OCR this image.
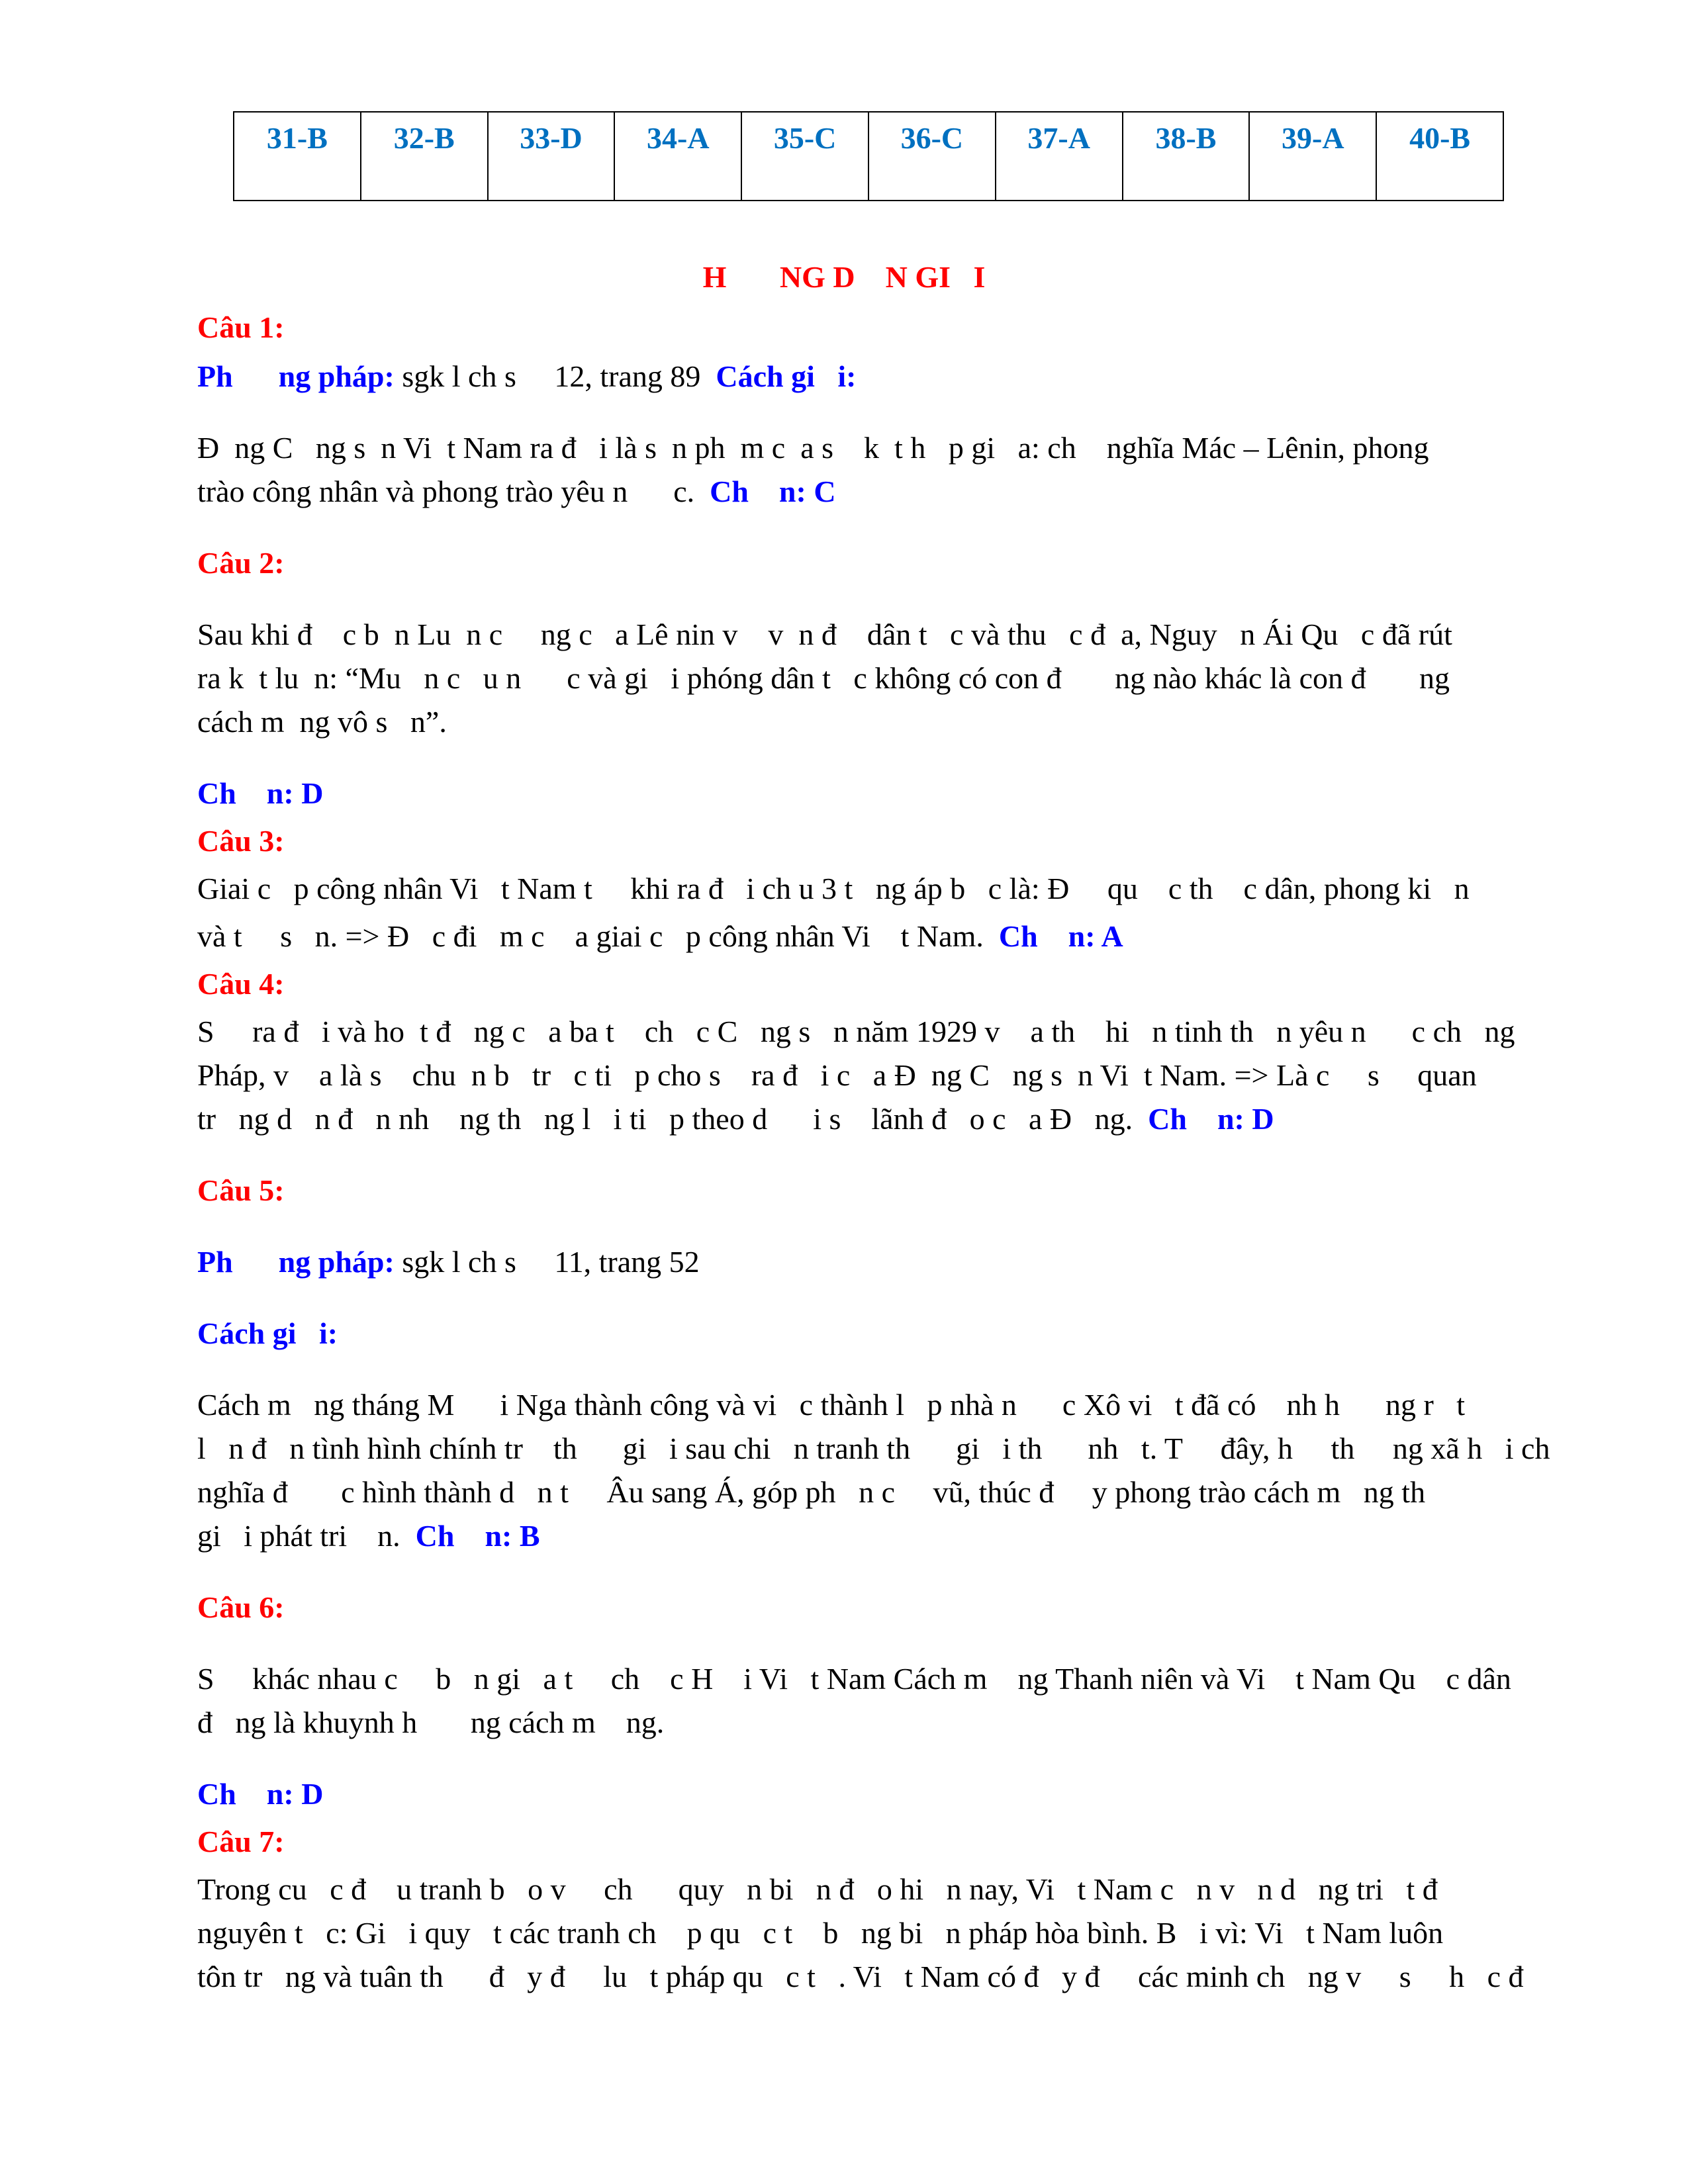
31-B	32-B	33-D	34-A	35-C	36-C	37-A	38-B	39-A	40-B
H       NG D    N GI   I

Câu 1:

Ph      ng pháp: sgk l ch s     12, trang 89  Cách gi   i:

Đ  ng C   ng s  n Vi  t Nam ra đ   i là s  n ph  m c  a s    k  t h   p gi   a: ch    nghĩa Mác – Lênin, phong

trào công nhân và phong trào yêu n      c.  Ch    n: C

Câu 2:

Sau khi đ    c b  n Lu  n c     ng c   a Lê nin v    v  n đ    dân t   c và thu   c đ  a, Nguy   n Ái Qu   c đã rút

ra k  t lu  n: “Mu   n c   u n      c và gi   i phóng dân t   c không có con đ       ng nào khác là con đ       ng

cách m  ng vô s   n”.

Ch    n: D

Câu 3:

Giai c   p công nhân Vi   t Nam t     khi ra đ   i ch u 3 t   ng áp b   c là: Đ     qu    c th    c dân, phong ki   n

và t     s   n. => Đ   c đi   m c    a giai c   p công nhân Vi    t Nam.  Ch    n: A

Câu 4:

S     ra đ   i và ho  t đ   ng c   a ba t    ch   c C   ng s   n năm 1929 v    a th    hi   n tinh th   n yêu n      c ch   ng

Pháp, v    a là s    chu  n b   tr   c ti   p cho s    ra đ   i c   a Đ  ng C   ng s  n Vi  t Nam. => Là c     s     quan

tr   ng d   n đ   n nh    ng th   ng l   i ti   p theo d      i s    lãnh đ   o c   a Đ   ng.  Ch    n: D

Câu 5:

Ph      ng pháp: sgk l ch s     11, trang 52

Cách gi   i:

Cách m   ng tháng M      i Nga thành công và vi   c thành l   p nhà n      c Xô vi   t đã có    nh h      ng r   t

l   n đ   n tình hình chính tr    th      gi   i sau chi   n tranh th      gi   i th      nh   t. T     đây, h     th     ng xã h   i ch

nghĩa đ       c hình thành d   n t     Âu sang Á, góp ph   n c     vũ, thúc đ     y phong trào cách m   ng th

gi   i phát tri    n.  Ch    n: B

Câu 6:

S     khác nhau c     b   n gi   a t     ch    c H    i Vi   t Nam Cách m    ng Thanh niên và Vi    t Nam Qu    c dân

đ   ng là khuynh h       ng cách m    ng.

Ch    n: D

Câu 7:

Trong cu   c đ    u tranh b   o v     ch      quy   n bi   n đ   o hi   n nay, Vi   t Nam c   n v   n d   ng tri   t đ

nguyên t   c: Gi   i quy   t các tranh ch    p qu   c t    b   ng bi   n pháp hòa bình. B   i vì: Vi   t Nam luôn

tôn tr   ng và tuân th      đ   y đ     lu   t pháp qu   c t   . Vi   t Nam có đ   y đ     các minh ch   ng v     s     h   c đ
